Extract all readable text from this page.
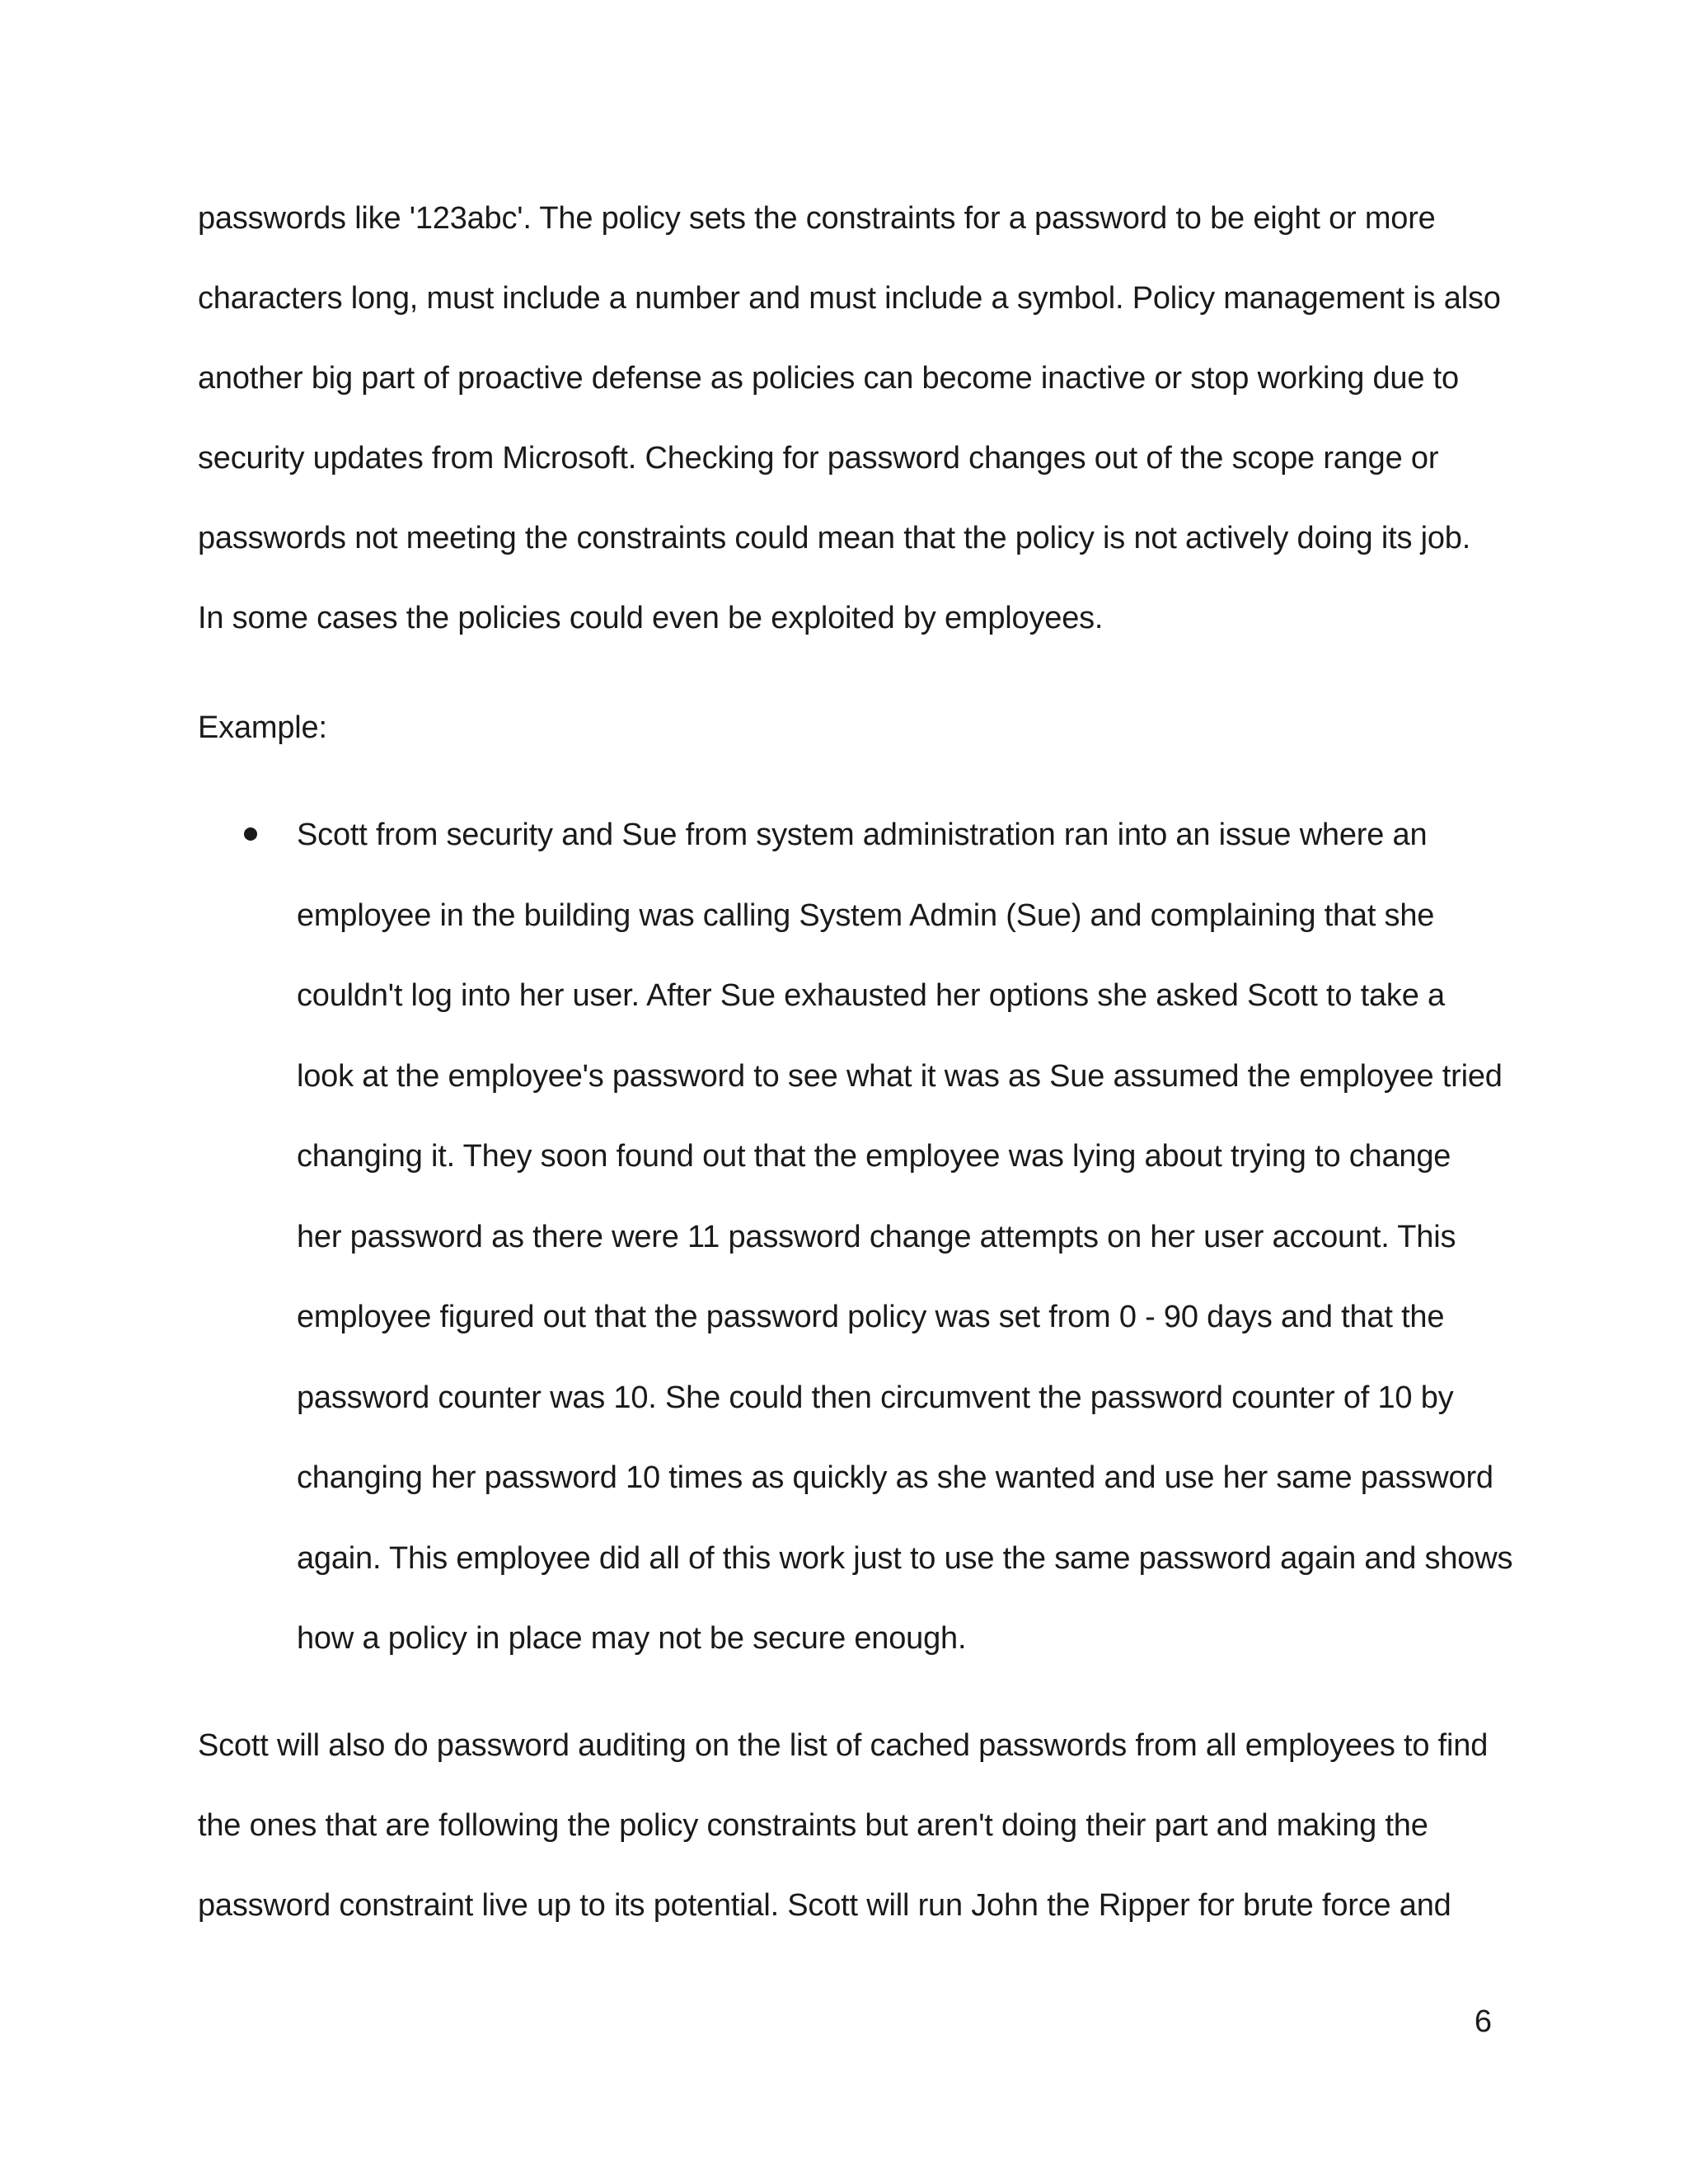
passwords like '123abc'. The policy sets the constraints for a password to be eight or more
characters long, must include a number and must include a symbol. Policy management is also
another big part of proactive defense as policies can become inactive or stop working due to
security updates from Microsoft. Checking for password changes out of the scope range or
passwords not meeting the constraints could mean that the policy is not actively doing its job.
In some cases the policies could even be exploited by employees.
Example:
Scott from security and Sue from system administration ran into an issue where an
employee in the building was calling System Admin (Sue) and complaining that she
couldn't log into her user. After Sue exhausted her options she asked Scott to take a
look at the employee's password to see what it was as Sue assumed the employee tried
changing it. They soon found out that the employee was lying about trying to change
her password as there were 11 password change attempts on her user account. This
employee figured out that the password policy was set from 0 - 90 days and that the
password counter was 10. She could then circumvent the password counter of 10 by
changing her password 10 times as quickly as she wanted and use her same password
again. This employee did all of this work just to use the same password again and shows
how a policy in place may not be secure enough.
Scott will also do password auditing on the list of cached passwords from all employees to find
the ones that are following the policy constraints but aren't doing their part and making the
password constraint live up to its potential. Scott will run John the Ripper for brute force and
6
